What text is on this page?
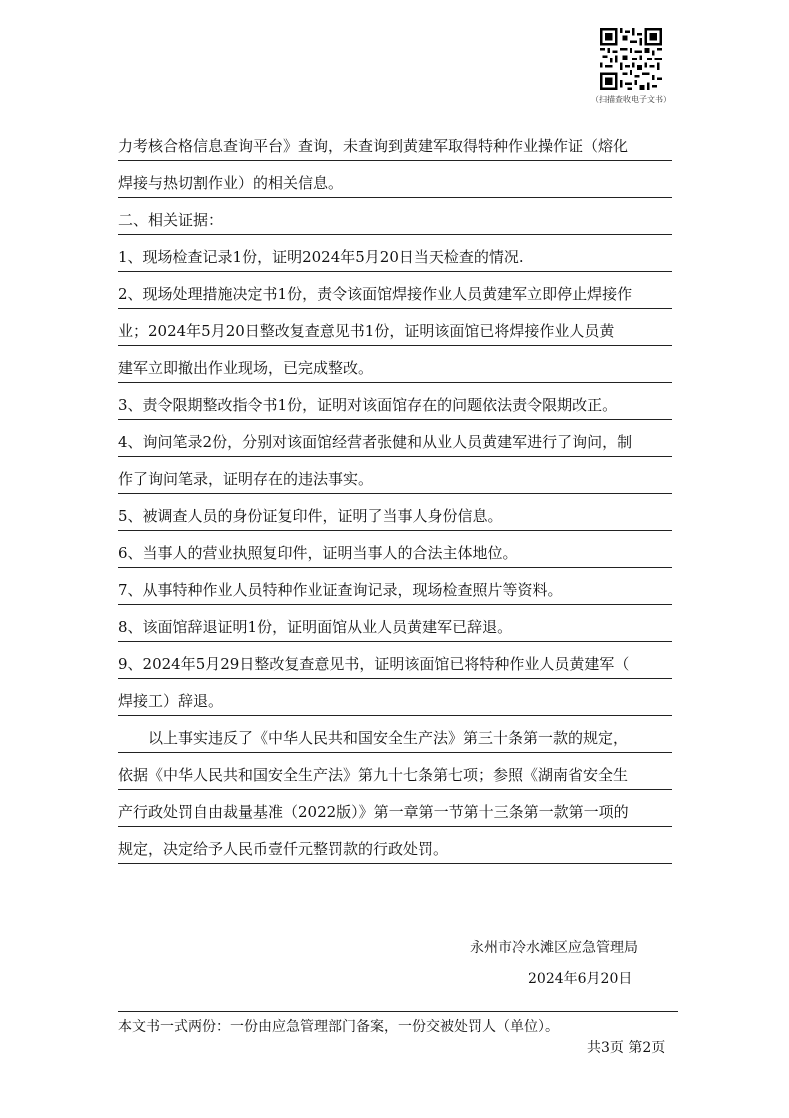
（扫描查收电子文书）
力考核合格信息查询平台》查询，未查询到黄建军取得特种作业操作证（熔化
焊接与热切割作业）的相关信息。
二、相关证据：
1、现场检查记录1份，证明2024年5月20日当天检查的情况.
2、现场处理措施决定书1份，责令该面馆焊接作业人员黄建军立即停止焊接作
业；2024年5月20日整改复查意见书1份，证明该面馆已将焊接作业人员黄
建军立即撤出作业现场，已完成整改。
3、责令限期整改指令书1份，证明对该面馆存在的问题依法责令限期改正。
4、询问笔录2份，分别对该面馆经营者张健和从业人员黄建军进行了询问，制
作了询问笔录，证明存在的违法事实。
5、被调查人员的身份证复印件，证明了当事人身份信息。
6、当事人的营业执照复印件，证明当事人的合法主体地位。
7、从事特种作业人员特种作业证查询记录，现场检查照片等资料。
8、该面馆辞退证明1份，证明面馆从业人员黄建军已辞退。
9、2024年5月29日整改复查意见书，证明该面馆已将特种作业人员黄建军（
焊接工）辞退。
以上事实违反了《中华人民共和国安全生产法》第三十条第一款的规定，
依据《中华人民共和国安全生产法》第九十七条第七项；参照《湖南省安全生
产行政处罚自由裁量基准（2022版）》第一章第一节第十三条第一款第一项的
规定，决定给予人民币壹仟元整罚款的行政处罚。
永州市冷水滩区应急管理局
2024年6月20日
本文书一式两份：一份由应急管理部门备案，一份交被处罚人（单位）。
共3页 第2页
